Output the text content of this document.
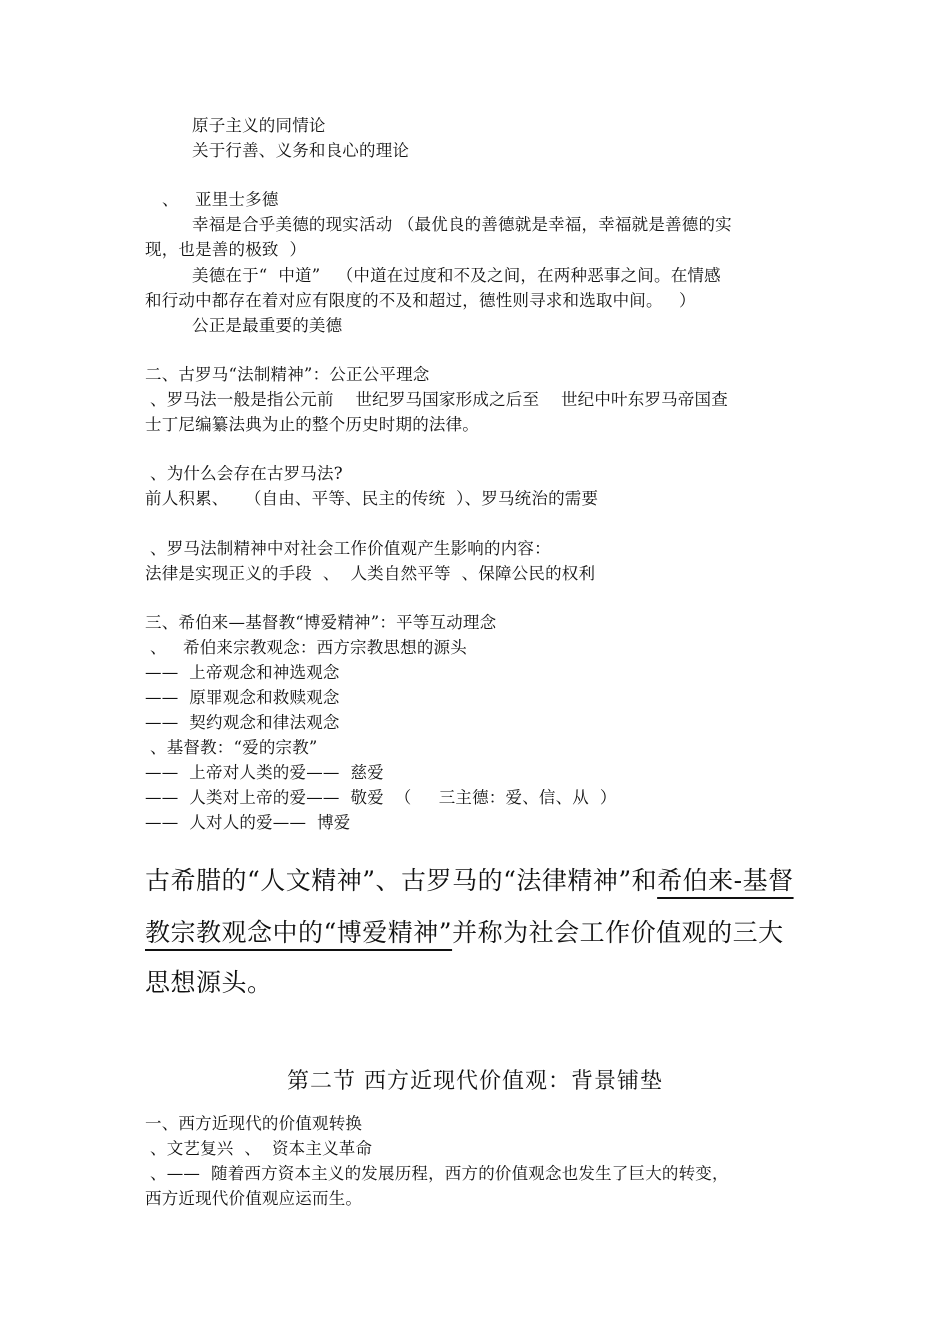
原子主义的同情论
关于行善、义务和良心的理论
、   亚里士多德
幸福是合乎美德的现实活动 （最优良的善德就是幸福，幸福就是善德的实
现，也是善的极致  ）
美德在于“  中道”   （中道在过度和不及之间，在两种恶事之间。在情感
和行动中都存在着对应有限度的不及和超过，德性则寻求和选取中间。   ）
公正是最重要的美德
二、古罗马“法制精神”：公正公平理念
、罗马法一般是指公元前    世纪罗马国家形成之后至    世纪中叶东罗马帝国查
士丁尼编纂法典为止的整个历史时期的法律。
、为什么会存在古罗马法?
前人积累、   （自由、平等、民主的传统  ）、罗马统治的需要
、罗马法制精神中对社会工作价值观产生影响的内容：
法律是实现正义的手段  、  人类自然平等  、保障公民的权利
三、希伯来—基督教“博爱精神”：平等互动理念
、   希伯来宗教观念：西方宗教思想的源头
——  上帝观念和神选观念
——  原罪观念和救赎观念
——  契约观念和律法观念
、基督教：“爱的宗教”
——  上帝对人类的爱——  慈爱
——  人类对上帝的爱——  敬爱  （     三主德：爱、信、从  ）
——  人对人的爱——  博爱
古希腊的“人文精神”、古罗马的“法律精神”和希伯来-基督
教宗教观念中的“博爱精神”并称为社会工作价值观的三大
思想源头。
第二节 西方近现代价值观：背景铺垫
一、西方近现代的价值观转换
、文艺复兴  、  资本主义革命
、——  随着西方资本主义的发展历程，西方的价值观念也发生了巨大的转变，
西方近现代价值观应运而生。
